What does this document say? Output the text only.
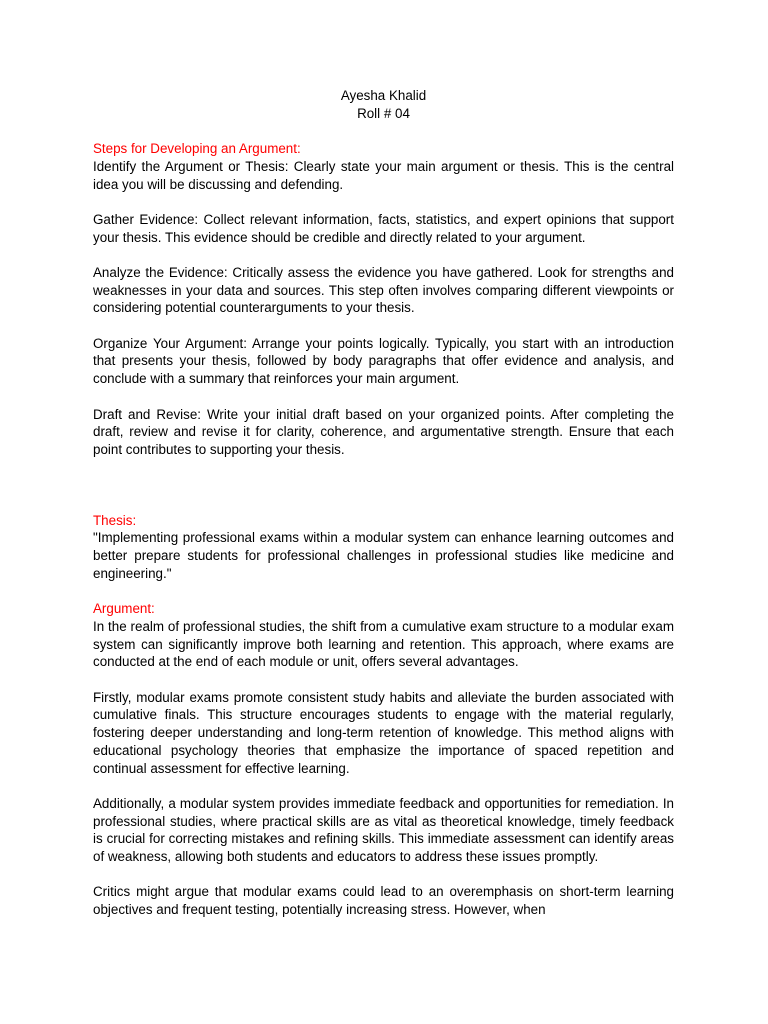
Ayesha Khalid
Roll # 04
Steps for Developing an Argument:

Identify the Argument or Thesis: Clearly state your main argument or thesis. This is the central idea you will be discussing and defending.

Gather Evidence: Collect relevant information, facts, statistics, and expert opinions that support your thesis. This evidence should be credible and directly related to your argument.

Analyze the Evidence: Critically assess the evidence you have gathered. Look for strengths and weaknesses in your data and sources. This step often involves comparing different viewpoints or considering potential counterarguments to your thesis.

Organize Your Argument: Arrange your points logically. Typically, you start with an introduction that presents your thesis, followed by body paragraphs that offer evidence and analysis, and conclude with a summary that reinforces your main argument.

Draft and Revise: Write your initial draft based on your organized points. After completing the draft, review and revise it for clarity, coherence, and argumentative strength. Ensure that each point contributes to supporting your thesis.

Thesis:

"Implementing professional exams within a modular system can enhance learning outcomes and better prepare students for professional challenges in professional studies like medicine and engineering."

Argument:

In the realm of professional studies, the shift from a cumulative exam structure to a modular exam system can significantly improve both learning and retention. This approach, where exams are conducted at the end of each module or unit, offers several advantages.

Firstly, modular exams promote consistent study habits and alleviate the burden associated with cumulative finals. This structure encourages students to engage with the material regularly, fostering deeper understanding and long-term retention of knowledge. This method aligns with educational psychology theories that emphasize the importance of spaced repetition and continual assessment for effective learning.

Additionally, a modular system provides immediate feedback and opportunities for remediation. In professional studies, where practical skills are as vital as theoretical knowledge, timely feedback is crucial for correcting mistakes and refining skills. This immediate assessment can identify areas of weakness, allowing both students and educators to address these issues promptly.

Critics might argue that modular exams could lead to an overemphasis on short-term learning objectives and frequent testing, potentially increasing stress. However, when
